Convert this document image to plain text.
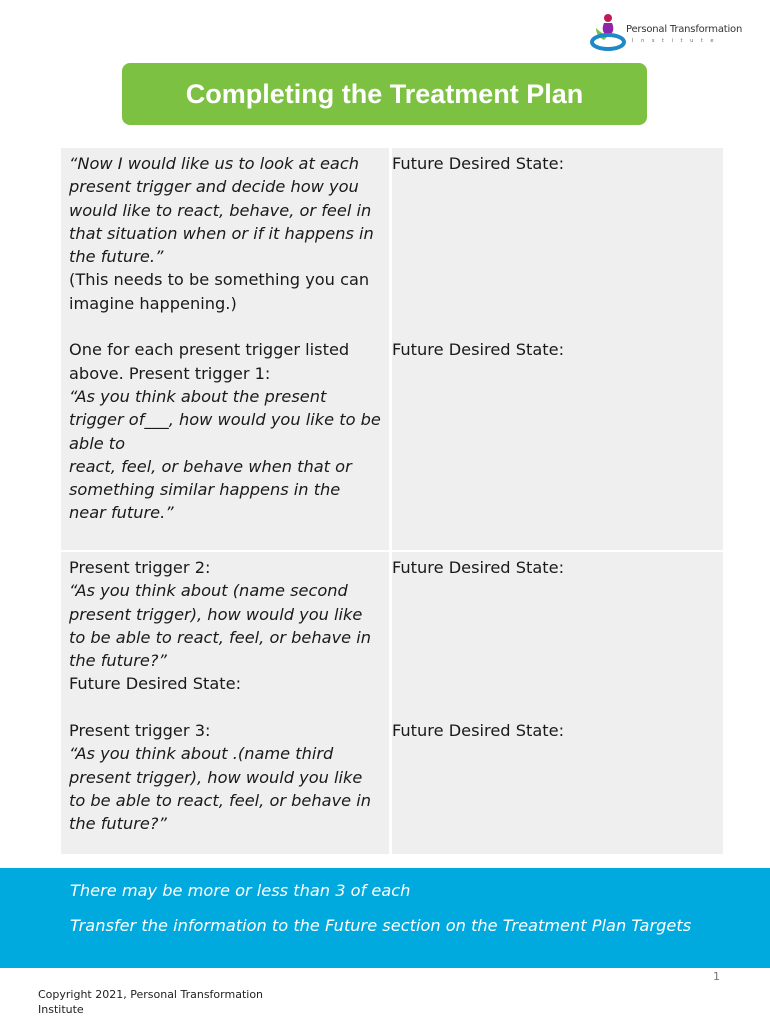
Personal Transformation
I n s t i t u t e
Completing the Treatment Plan

“Now I would like us to look at each present trigger and decide how you would like to react, behave, or feel in that situation when or if it happens in the future.”

(This needs to be something you can imagine happening.)

One for each present trigger listed above. Present trigger 1:

“As you think about the present trigger of___, how would you like to be able to

react, feel, or behave when that or something similar happens in the near future.”

Future Desired State:

Future Desired State:

Present trigger 2:

“As you think about (name second present trigger), how would you like to be able to react, feel, or behave in the future?”

Future Desired State:

Present trigger 3:

“As you think about .(name third present trigger), how would you like to be able to react, feel, or behave in the future?”

Future Desired State:

Future Desired State:

There may be more or less than 3 of each

Transfer the information to the Future section on the Treatment Plan Targets

1
Copyright 2021, Personal Transformation Institute
